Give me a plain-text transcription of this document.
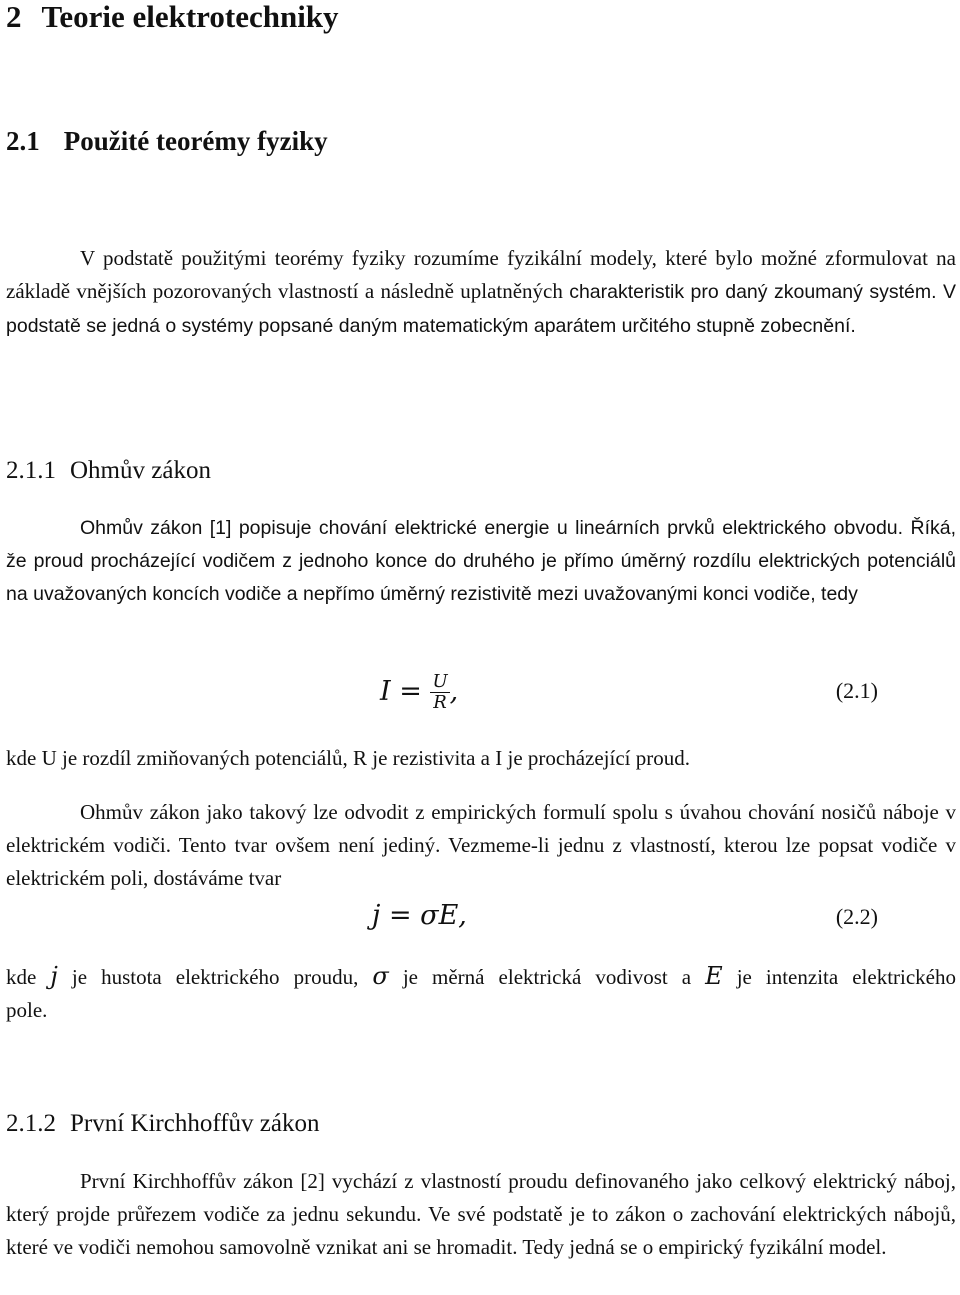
2 Teorie elektrotechniky
2.1 Použité teorémy fyziky

V podstatě použitými teorémy fyziky rozumíme fyzikální modely, které bylo možné zformulovat na základě vnějších pozorovaných vlastností a následně uplatněných charakteristik pro daný zkoumaný systém. V podstatě se jedná o systémy popsané daným matematickým aparátem určitého stupně zobecnění.

2.1.1 Ohmův zákon

Ohmův zákon [1] popisuje chování elektrické energie u lineárních prvků elektrického obvodu. Říká, že proud procházející vodičem z jednoho konce do druhého je přímo úměrný rozdílu elektrických potenciálů na uvažovaných koncích vodiče a nepřímo úměrný rezistivitě mezi uvažovanými konci vodiče, tedy

$I = \frac{U}{R}$ ,	(2.1)

kde U je rozdíl zmiňovaných potenciálů, R je rezistivita a I je procházející proud.

Ohmův zákon jako takový lze odvodit z empirických formulí spolu s úvahou chování nosičů náboje v elektrickém vodiči. Tento tvar ovšem není jediný. Vezmeme-li jednu z vlastností, kterou lze popsat vodiče v elektrickém poli, dostáváme tvar

j = σE,	(2.2)

kde j je hustota elektrického proudu, σ je měrná elektrická vodivost a E je intenzita elektrického pole.

2.1.2 První Kirchhoffův zákon

První Kirchhoffův zákon [2] vychází z vlastností proudu definovaného jako celkový elektrický náboj, který projde průřezem vodiče za jednu sekundu. Ve své podstatě je to zákon o zachování elektrických nábojů, které ve vodiči nemohou samovolně vznikat ani se hromadit. Tedy jedná se o empirický fyzikální model.
